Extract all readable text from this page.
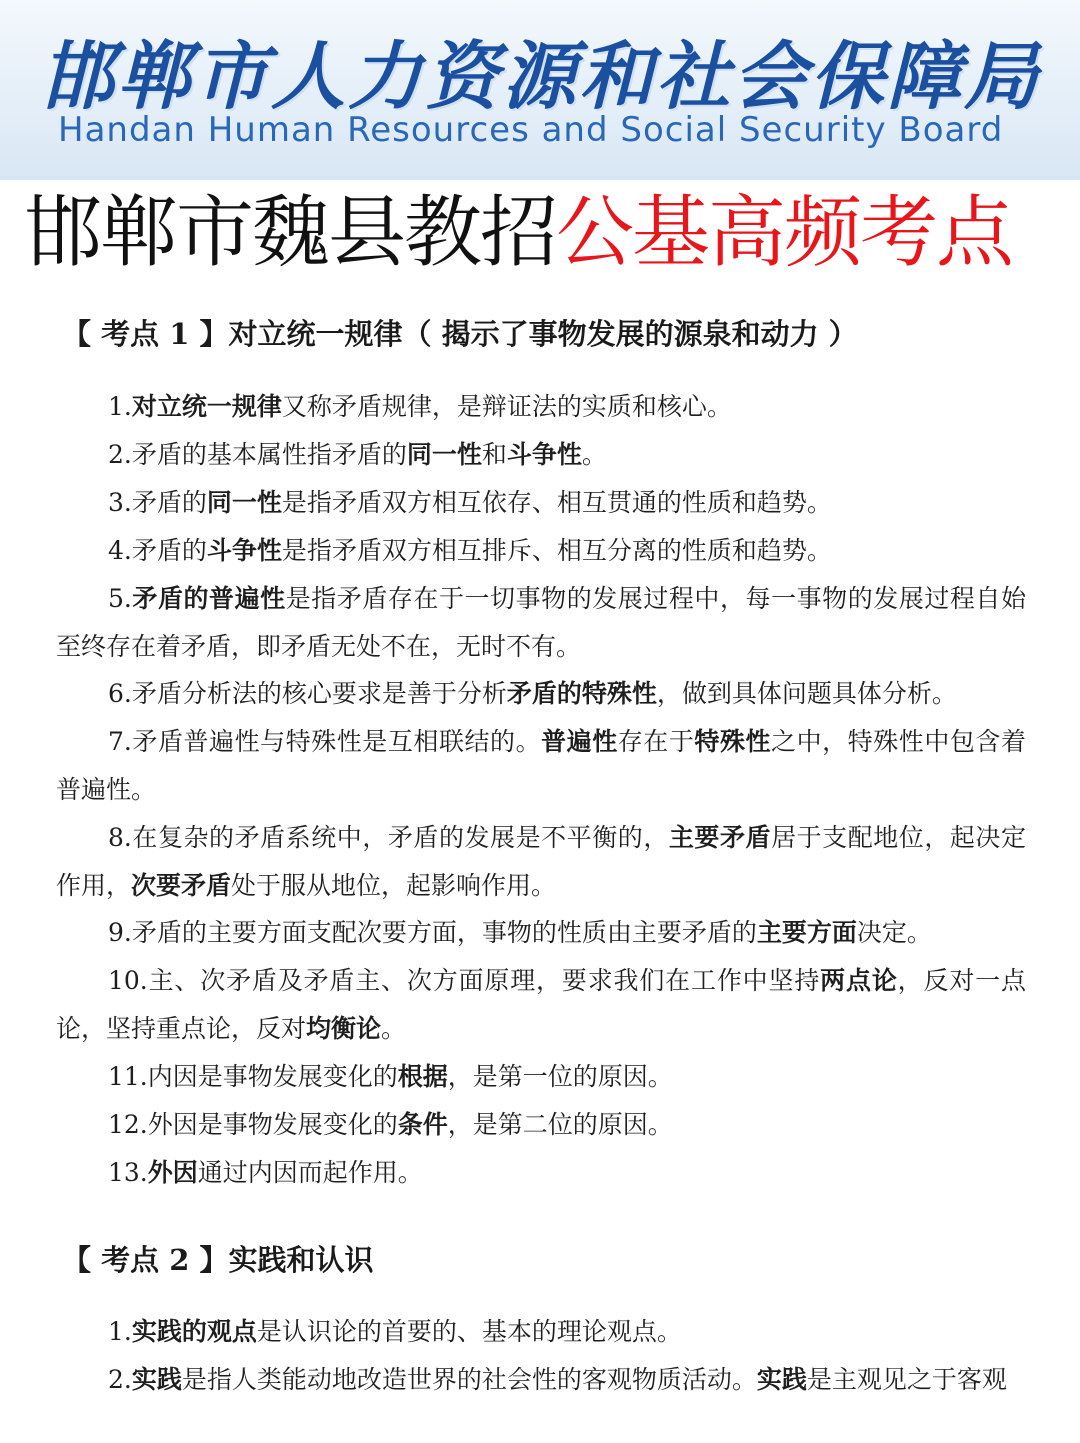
邯郸市人力资源和社会保障局
Handan Human Resources and Social Security Board
邯郸市魏县教招公基高频考点
【 考点 1 】对立统一规律（ 揭示了事物发展的源泉和动力 ）
1.对立统一规律又称矛盾规律，是辩证法的实质和核心。
2.矛盾的基本属性指矛盾的同一性和斗争性。
3.矛盾的同一性是指矛盾双方相互依存、相互贯通的性质和趋势。
4.矛盾的斗争性是指矛盾双方相互排斥、相互分离的性质和趋势。
5.矛盾的普遍性是指矛盾存在于一切事物的发展过程中，每一事物的发展过程自始至终存在着矛盾，即矛盾无处不在，无时不有。
6.矛盾分析法的核心要求是善于分析矛盾的特殊性，做到具体问题具体分析。
7.矛盾普遍性与特殊性是互相联结的。普遍性存在于特殊性之中，特殊性中包含着普遍性。
8.在复杂的矛盾系统中，矛盾的发展是不平衡的，主要矛盾居于支配地位，起决定作用，次要矛盾处于服从地位，起影响作用。
9.矛盾的主要方面支配次要方面，事物的性质由主要矛盾的主要方面决定。
10.主、次矛盾及矛盾主、次方面原理，要求我们在工作中坚持两点论，反对一点论，坚持重点论，反对均衡论。
11.内因是事物发展变化的根据，是第一位的原因。
12.外因是事物发展变化的条件，是第二位的原因。
13.外因通过内因而起作用。
【 考点 2 】实践和认识
1.实践的观点是认识论的首要的、基本的理论观点。
2.实践是指人类能动地改造世界的社会性的客观物质活动。实践是主观见之于客观
